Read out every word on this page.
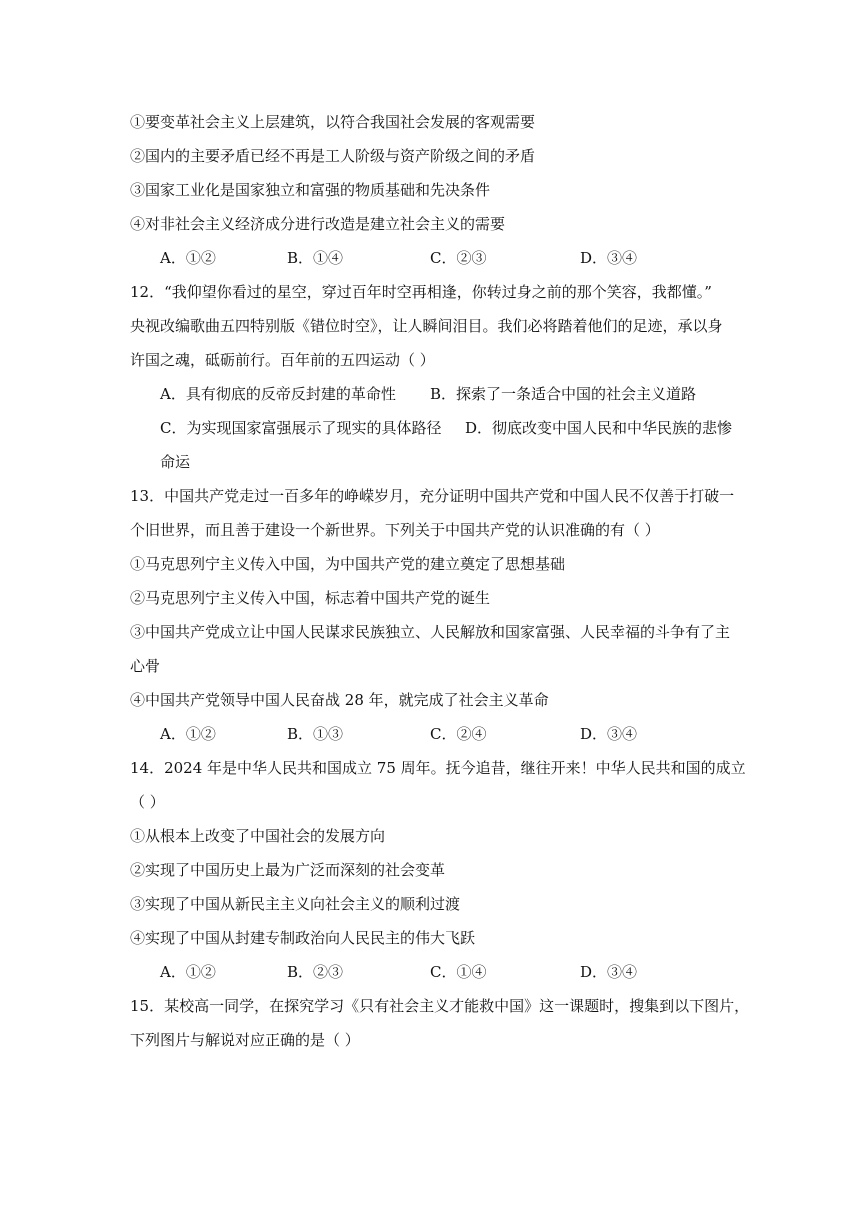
①要变革社会主义上层建筑，以符合我国社会发展的客观需要
②国内的主要矛盾已经不再是工人阶级与资产阶级之间的矛盾
③国家工业化是国家独立和富强的物质基础和先决条件
④对非社会主义经济成分进行改造是建立社会主义的需要
A．①②	B．①④	C．②③	D．③④
12．“我仰望你看过的星空，穿过百年时空再相逢，你转过身之前的那个笑容，我都懂。”
央视改编歌曲五四特别版《错位时空》，让人瞬间泪目。我们必将踏着他们的足迹，承以身
许国之魂，砥砺前行。百年前的五四运动（ ）
A．具有彻底的反帝反封建的革命性 B．探索了一条适合中国的社会主义道路
C．为实现国家富强展示了现实的具体路径 D．彻底改变中国人民和中华民族的悲惨
命运
13．中国共产党走过一百多年的峥嵘岁月，充分证明中国共产党和中国人民不仅善于打破一
个旧世界，而且善于建设一个新世界。下列关于中国共产党的认识准确的有（ ）
①马克思列宁主义传入中国，为中国共产党的建立奠定了思想基础
②马克思列宁主义传入中国，标志着中国共产党的诞生
③中国共产党成立让中国人民谋求民族独立、人民解放和国家富强、人民幸福的斗争有了主
心骨
④中国共产党领导中国人民奋战 28 年，就完成了社会主义革命
A．①②	B．①③	C．②④	D．③④
14．2024 年是中华人民共和国成立 75 周年。抚今追昔，继往开来！中华人民共和国的成立
（ ）
①从根本上改变了中国社会的发展方向
②实现了中国历史上最为广泛而深刻的社会变革
③实现了中国从新民主主义向社会主义的顺利过渡
④实现了中国从封建专制政治向人民民主的伟大飞跃
A．①②	B．②③	C．①④	D．③④
15．某校高一同学，在探究学习《只有社会主义才能救中国》这一课题时，搜集到以下图片，
下列图片与解说对应正确的是（ ）
